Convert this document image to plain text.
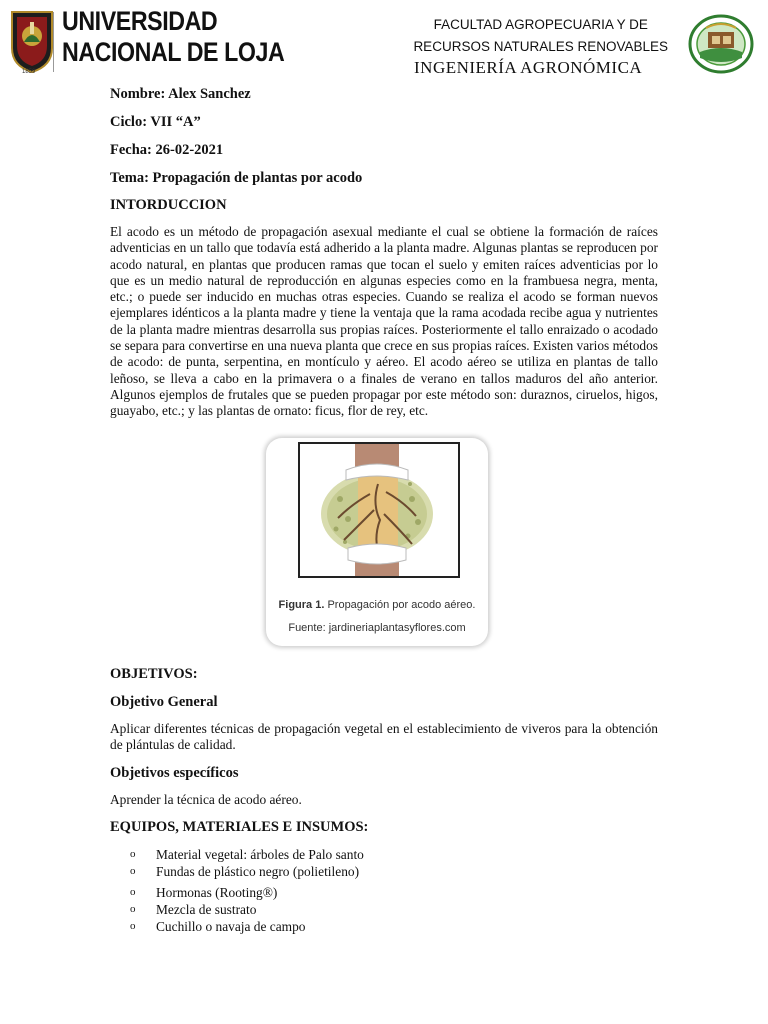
1859
UNIVERSIDAD
NACIONAL DE LOJA
FACULTAD AGROPECUARIA Y DE
RECURSOS NATURALES RENOVABLES
INGENIERÍA AGRONÓMICA
Nombre: Alex Sanchez
Ciclo: VII “A”
Fecha: 26-02-2021
Tema: Propagación de plantas por acodo
INTORDUCCION

El acodo es un método de propagación asexual mediante el cual se obtiene la formación de raíces adventicias en un tallo que todavía está adherido a la planta madre. Algunas plantas se reproducen por acodo natural, en plantas que producen ramas que tocan el suelo y emiten raíces adventicias por lo que es un medio natural de reproducción en algunas especies como en la frambuesa negra, menta, etc.; o puede ser inducido en muchas otras especies. Cuando se realiza el acodo se forman nuevos ejemplares idénticos a la planta madre y tiene la ventaja que la rama acodada recibe agua y nutrientes de la planta madre mientras desarrolla sus propias raíces. Posteriormente el tallo enraizado o acodado se separa para convertirse en una nueva planta que crece en sus propias raíces. Existen varios métodos de acodo: de punta, serpentina, en montículo y aéreo. El acodo aéreo se utiliza en plantas de tallo leñoso, se lleva a cabo en la primavera o a finales de verano en tallos maduros del año anterior. Algunos ejemplos de frutales que se pueden propagar por este método son: duraznos, ciruelos, higos, guayabo, etc.; y las plantas de ornato: ficus, flor de rey, etc.

Figura 1. Propagación por acodo aéreo.
Fuente: jardineriaplantasyflores.com
OBJETIVOS:
Objetivo General

Aplicar diferentes técnicas de propagación vegetal en el establecimiento de viveros para la obtención de plántulas de calidad.

Objetivos específicos

Aprender la técnica de acodo aéreo.

EQUIPOS, MATERIALES E INSUMOS:
o Material vegetal: árboles de Palo santo
o Fundas de plástico negro (polietileno)
o Hormonas (Rooting®)
o Mezcla de sustrato
o Cuchillo o navaja de campo
